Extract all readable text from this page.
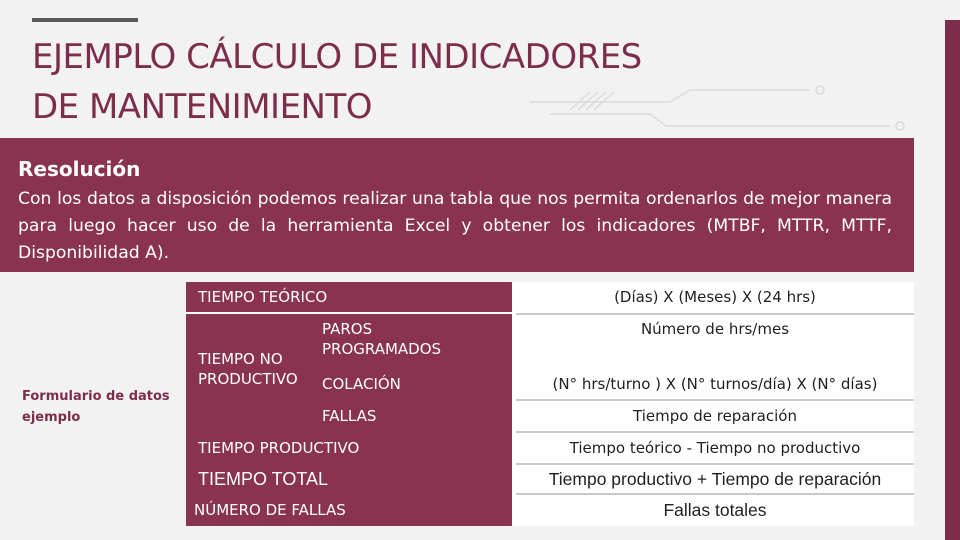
EJEMPLO CÁLCULO DE INDICADORES
DE MANTENIMIENTO
Resolución
Con los datos a disposición podemos realizar una tabla que nos permita ordenarlos de mejor manera para luego hacer uso de la herramienta Excel y obtener los indicadores (MTBF, MTTR, MTTF, Disponibilidad A).
Formulario de datos ejemplo
TIEMPO TEÓRICO
TIEMPO NO PRODUCTIVO
PAROS PROGRAMADOS
COLACIÓN
FALLAS
TIEMPO PRODUCTIVO
TIEMPO TOTAL
NÚMERO DE FALLAS
(Días) X (Meses) X (24 hrs)
Número de hrs/mes
(N° hrs/turno ) X (N° turnos/día) X (N° días)
Tiempo de reparación
Tiempo teórico - Tiempo no productivo
Tiempo productivo + Tiempo de reparación
Fallas totales
